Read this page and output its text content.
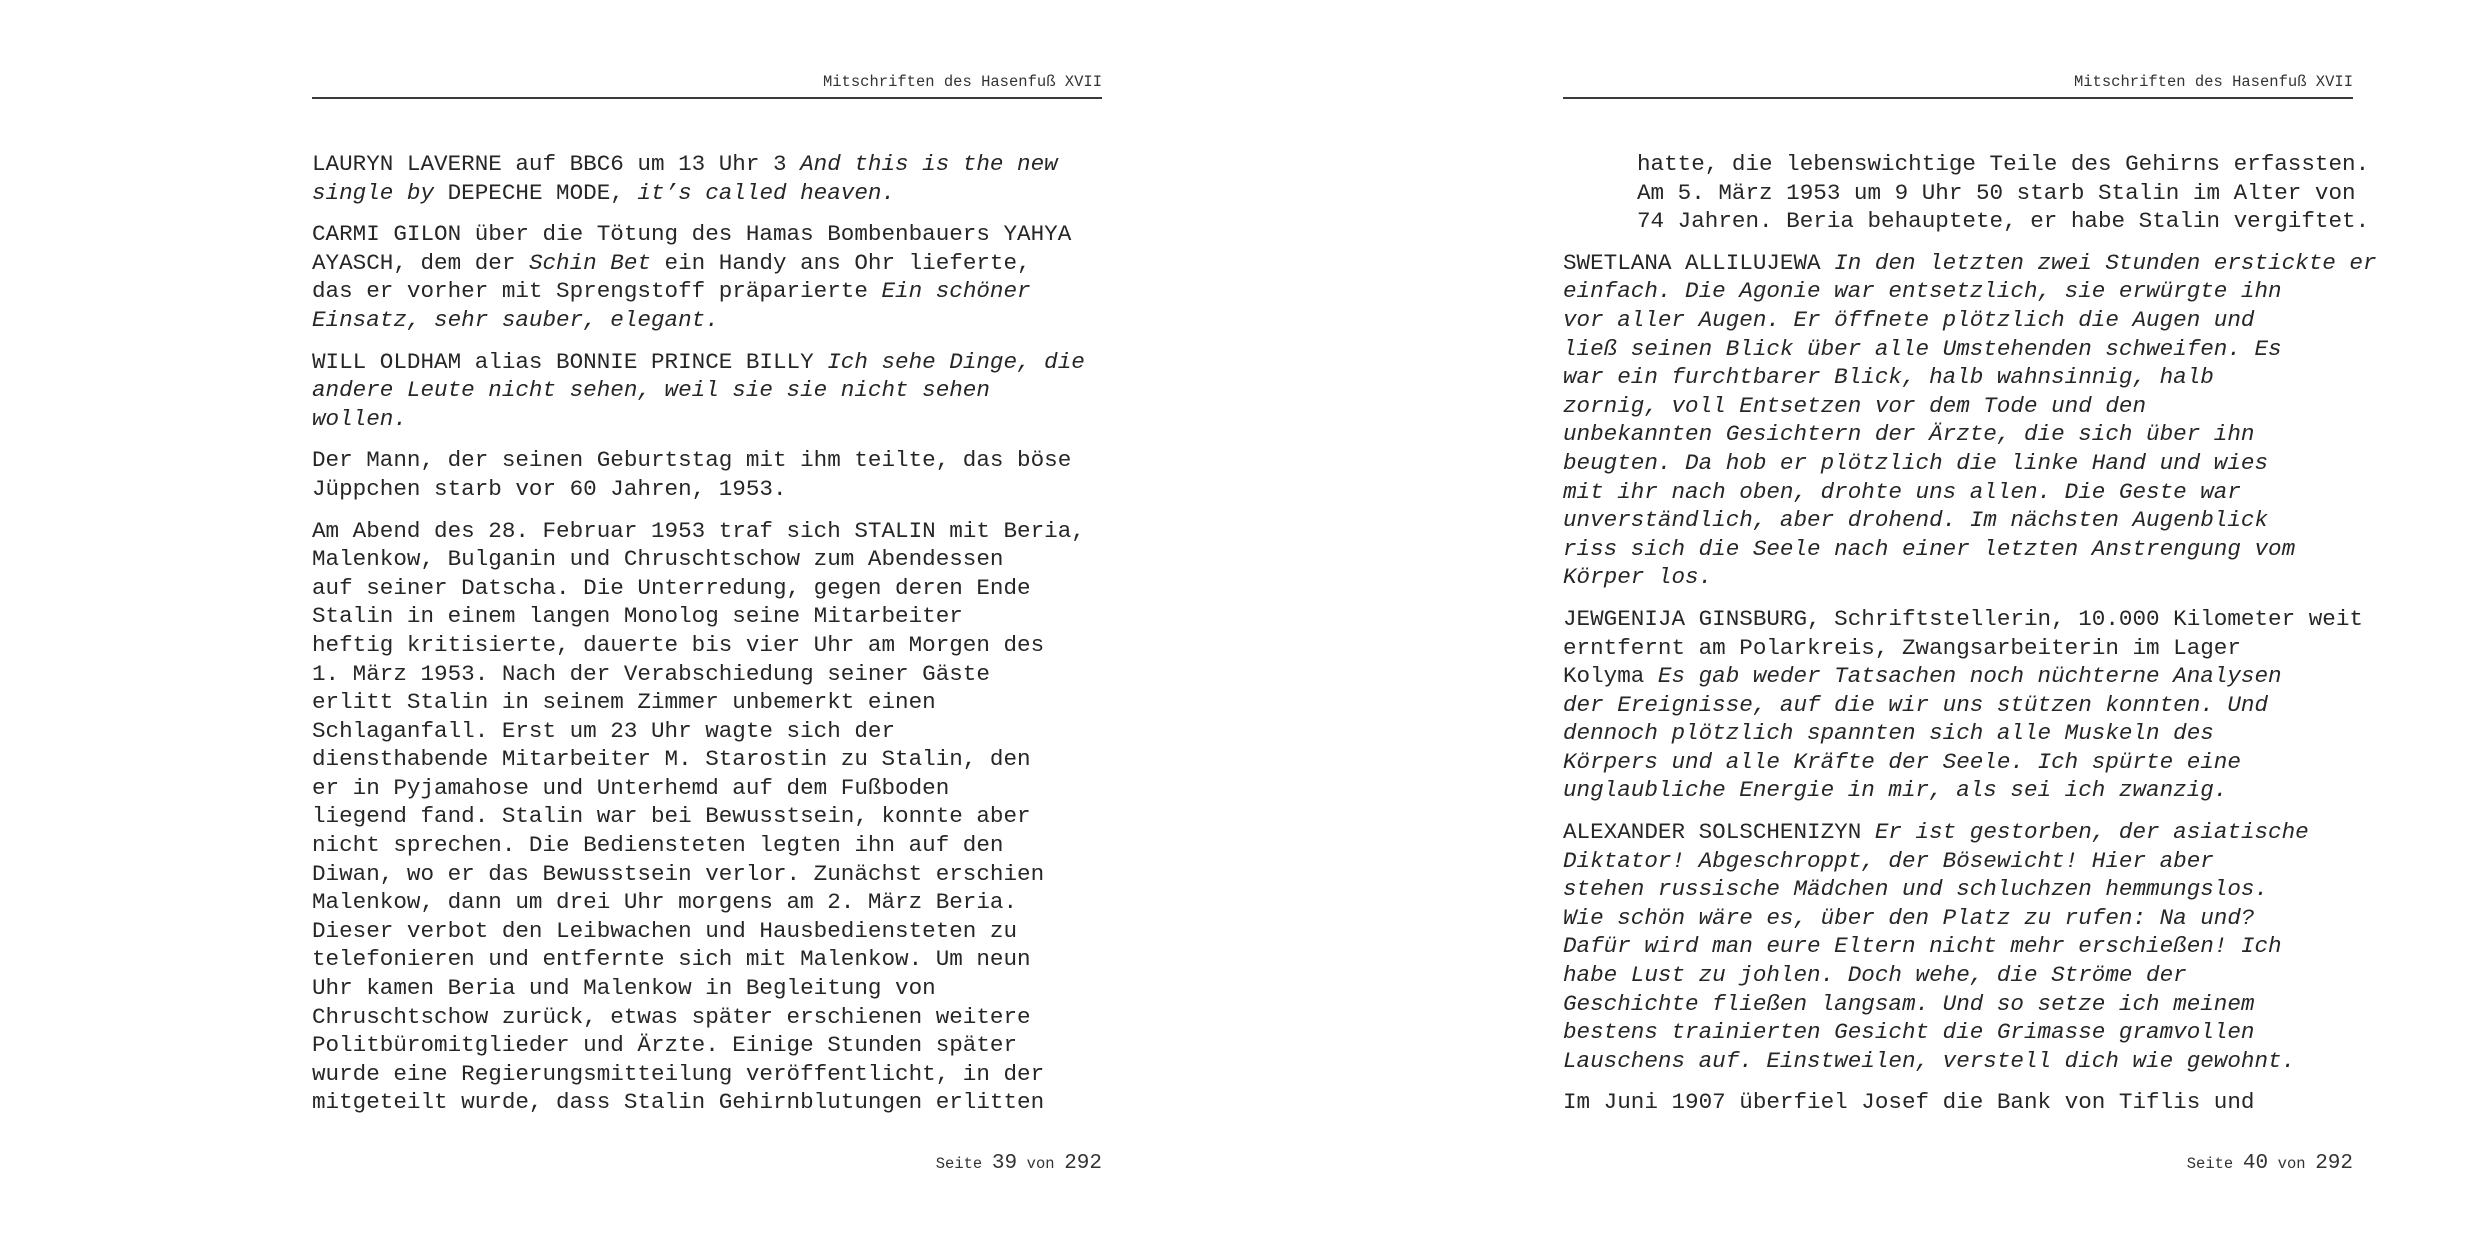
Mitschriften des Hasenfuß XVII
LAURYN LAVERNE auf BBC6 um 13 Uhr 3 And this is the new
single by DEPECHE MODE, it’s called heaven.
CARMI GILON über die Tötung des Hamas Bombenbauers YAHYA
AYASCH, dem der Schin Bet ein Handy ans Ohr lieferte,
das er vorher mit Sprengstoff präparierte Ein schöner
Einsatz, sehr sauber, elegant.
WILL OLDHAM alias BONNIE PRINCE BILLY Ich sehe Dinge, die
andere Leute nicht sehen, weil sie sie nicht sehen
wollen.
Der Mann, der seinen Geburtstag mit ihm teilte, das böse
Jüppchen starb vor 60 Jahren, 1953.
Am Abend des 28. Februar 1953 traf sich STALIN mit Beria,
Malenkow, Bulganin und Chruschtschow zum Abendessen
auf seiner Datscha. Die Unterredung, gegen deren Ende
Stalin in einem langen Monolog seine Mitarbeiter
heftig kritisierte, dauerte bis vier Uhr am Morgen des
1. März 1953. Nach der Verabschiedung seiner Gäste
erlitt Stalin in seinem Zimmer unbemerkt einen
Schlaganfall. Erst um 23 Uhr wagte sich der
diensthabende Mitarbeiter M. Starostin zu Stalin, den
er in Pyjamahose und Unterhemd auf dem Fußboden
liegend fand. Stalin war bei Bewusstsein, konnte aber
nicht sprechen. Die Bediensteten legten ihn auf den
Diwan, wo er das Bewusstsein verlor. Zunächst erschien
Malenkow, dann um drei Uhr morgens am 2. März Beria.
Dieser verbot den Leibwachen und Hausbediensteten zu
telefonieren und entfernte sich mit Malenkow. Um neun
Uhr kamen Beria und Malenkow in Begleitung von
Chruschtschow zurück, etwas später erschienen weitere
Politbüromitglieder und Ärzte. Einige Stunden später
wurde eine Regierungsmitteilung veröffentlicht, in der
mitgeteilt wurde, dass Stalin Gehirnblutungen erlitten
Seite 39 von 292
Mitschriften des Hasenfuß XVII
hatte, die lebenswichtige Teile des Gehirns erfassten.
Am 5. März 1953 um 9 Uhr 50 starb Stalin im Alter von
74 Jahren. Beria behauptete, er habe Stalin vergiftet.
SWETLANA ALLILUJEWA In den letzten zwei Stunden erstickte er
einfach. Die Agonie war entsetzlich, sie erwürgte ihn
vor aller Augen. Er öffnete plötzlich die Augen und
ließ seinen Blick über alle Umstehenden schweifen. Es
war ein furchtbarer Blick, halb wahnsinnig, halb
zornig, voll Entsetzen vor dem Tode und den
unbekannten Gesichtern der Ärzte, die sich über ihn
beugten. Da hob er plötzlich die linke Hand und wies
mit ihr nach oben, drohte uns allen. Die Geste war
unverständlich, aber drohend. Im nächsten Augenblick
riss sich die Seele nach einer letzten Anstrengung vom
Körper los.
JEWGENIJA GINSBURG, Schriftstellerin, 10.000 Kilometer weit
erntfernt am Polarkreis, Zwangsarbeiterin im Lager
Kolyma Es gab weder Tatsachen noch nüchterne Analysen
der Ereignisse, auf die wir uns stützen konnten. Und
dennoch plötzlich spannten sich alle Muskeln des
Körpers und alle Kräfte der Seele. Ich spürte eine
unglaubliche Energie in mir, als sei ich zwanzig.
ALEXANDER SOLSCHENIZYN Er ist gestorben, der asiatische
Diktator! Abgeschroppt, der Bösewicht! Hier aber
stehen russische Mädchen und schluchzen hemmungslos.
Wie schön wäre es, über den Platz zu rufen: Na und?
Dafür wird man eure Eltern nicht mehr erschießen! Ich
habe Lust zu johlen. Doch wehe, die Ströme der
Geschichte fließen langsam. Und so setze ich meinem
bestens trainierten Gesicht die Grimasse gramvollen
Lauschens auf. Einstweilen, verstell dich wie gewohnt.
Im Juni 1907 überfiel Josef die Bank von Tiflis und
Seite 40 von 292
